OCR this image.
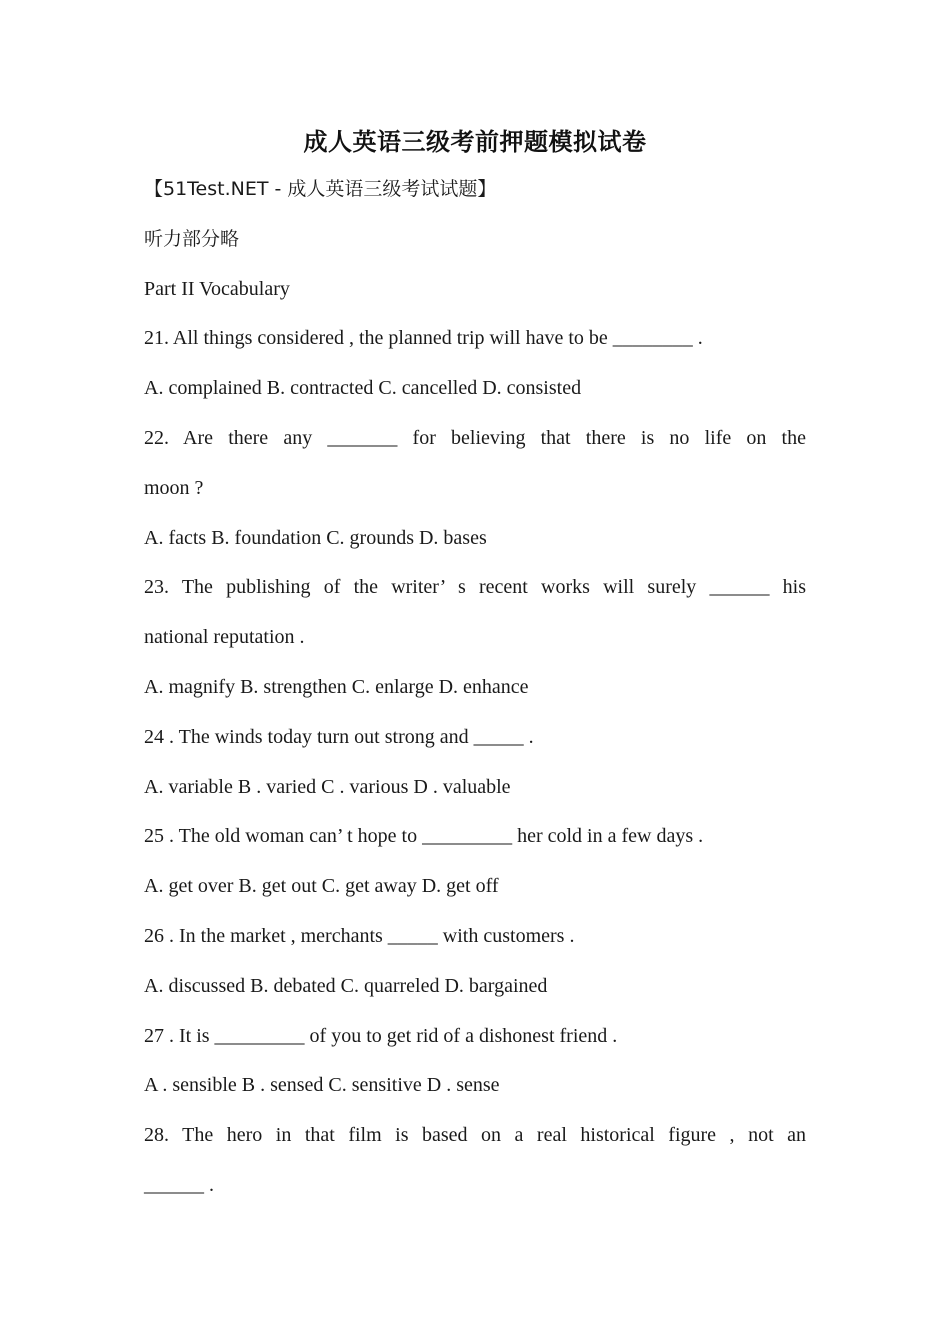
成人英语三级考前押题模拟试卷
【51Test.NET - 成人英语三级考试试题】
听力部分略
Part II Vocabulary
21. All things considered , the planned trip will have to be ________ .
A. complained B. contracted C. cancelled D. consisted
22. Are there any _______ for believing that there is no life on the
moon ?
A. facts B. foundation C. grounds D. bases
23. The publishing of the writer’ s recent works will surely ______ his
national reputation .
A. magnify B. strengthen C. enlarge D. enhance
24 . The winds today turn out strong and _____ .
A. variable B . varied C . various D . valuable
25 . The old woman can’ t hope to _________ her cold in a few days .
A. get over B. get out C. get away D. get off
26 . In the market , merchants _____ with customers .
A. discussed B. debated C. quarreled D. bargained
27 . It is _________ of you to get rid of a dishonest friend .
A . sensible B . sensed C. sensitive D . sense
28. The hero in that film is based on a real historical figure , not an
______ .
